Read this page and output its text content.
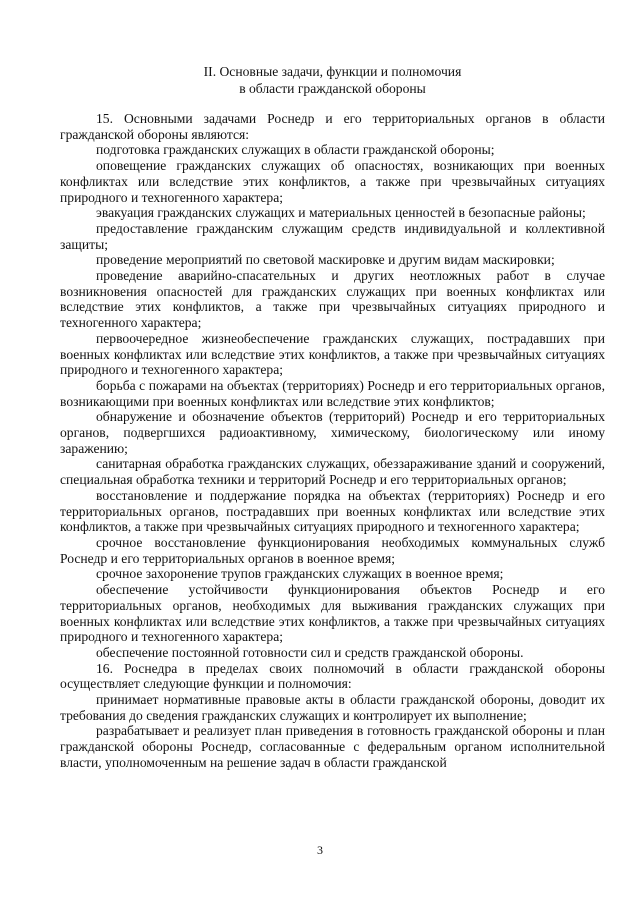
II. Основные задачи, функции и полномочия
в области гражданской обороны

15. Основными задачами Роснедр и его территориальных органов в области гражданской обороны являются:

подготовка гражданских служащих в области гражданской обороны;

оповещение гражданских служащих об опасностях, возникающих при военных конфликтах или вследствие этих конфликтов, а также при чрезвычайных ситуациях природного и техногенного характера;

эвакуация гражданских служащих и материальных ценностей в безопасные районы;

предоставление гражданским служащим средств индивидуальной и коллективной защиты;

проведение мероприятий по световой маскировке и другим видам маскировки;

проведение аварийно-спасательных и других неотложных работ в случае возникновения опасностей для гражданских служащих при военных конфликтах или вследствие этих конфликтов, а также при чрезвычайных ситуациях природного и техногенного характера;

первоочередное жизнеобеспечение гражданских служащих, пострадавших при военных конфликтах или вследствие этих конфликтов, а также при чрезвычайных ситуациях природного и техногенного характера;

борьба с пожарами на объектах (территориях) Роснедр и его территориальных органов, возникающими при военных конфликтах или вследствие этих конфликтов;

обнаружение и обозначение объектов (территорий) Роснедр и его территориальных органов, подвергшихся радиоактивному, химическому, биологическому или иному заражению;

санитарная обработка гражданских служащих, обеззараживание зданий и сооружений, специальная обработка техники и территорий Роснедр и его территориальных органов;

восстановление и поддержание порядка на объектах (территориях) Роснедр и его территориальных органов, пострадавших при военных конфликтах или вследствие этих конфликтов, а также при чрезвычайных ситуациях природного и техногенного характера;

срочное восстановление функционирования необходимых коммунальных служб Роснедр и его территориальных органов в военное время;

срочное захоронение трупов гражданских служащих в военное время;

обеспечение устойчивости функционирования объектов Роснедр и его территориальных органов, необходимых для выживания гражданских служащих при военных конфликтах или вследствие этих конфликтов, а также при чрезвычайных ситуациях природного и техногенного характера;

обеспечение постоянной готовности сил и средств гражданской обороны.

16. Роснедра в пределах своих полномочий в области гражданской обороны осуществляет следующие функции и полномочия:

принимает нормативные правовые акты в области гражданской обороны, доводит их требования до сведения гражданских служащих и контролирует их выполнение;

разрабатывает и реализует план приведения в готовность гражданской обороны и план гражданской обороны Роснедр, согласованные с федеральным органом исполнительной власти, уполномоченным на решение задач в области гражданской

3
